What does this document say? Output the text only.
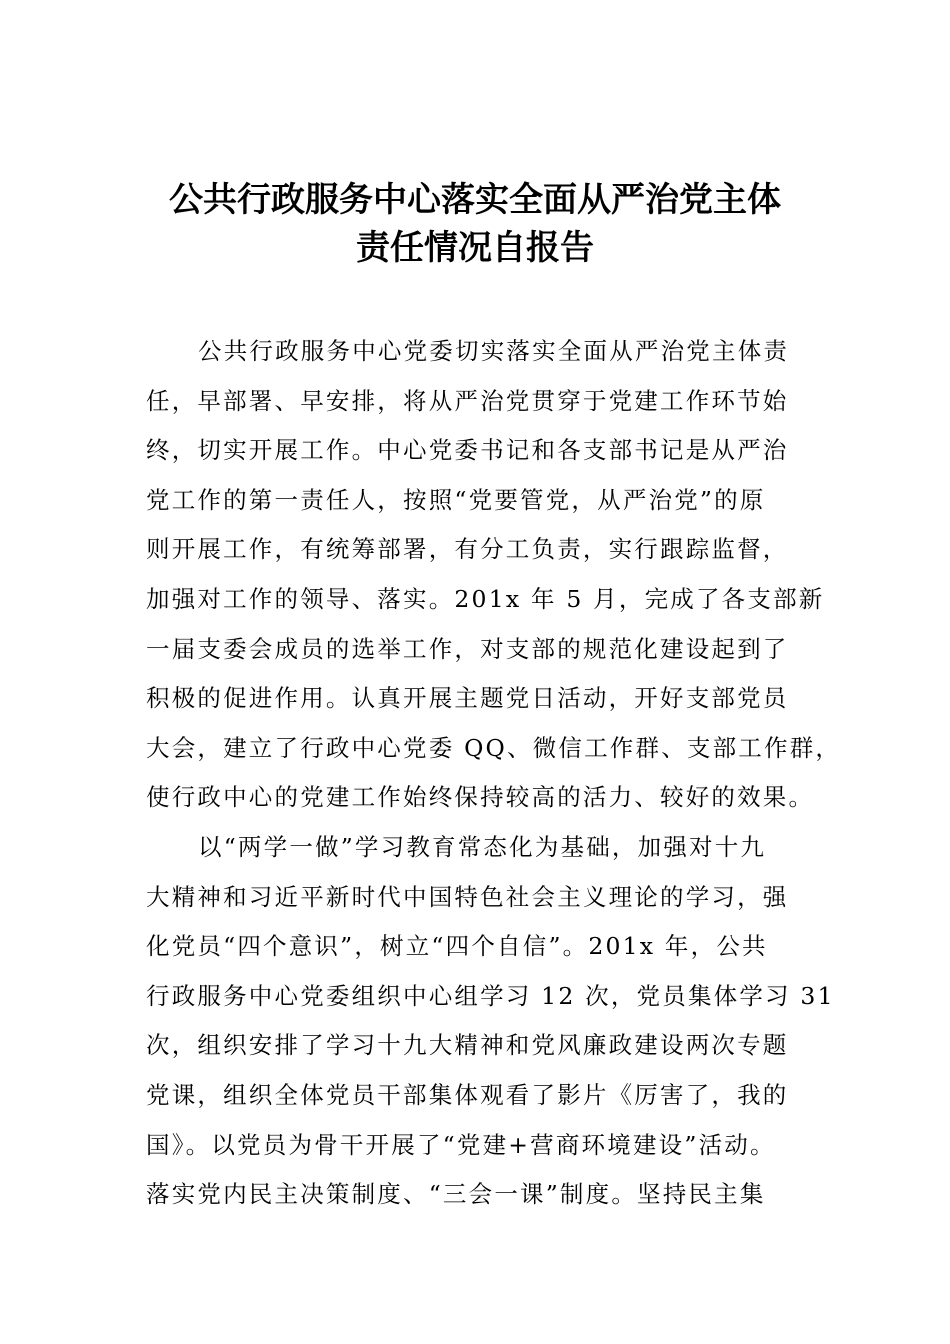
公共行政服务中心落实全面从严治党主体
责任情况自报告
公共行政服务中心党委切实落实全面从严治党主体责
任，早部署、早安排，将从严治党贯穿于党建工作环节始
终，切实开展工作。中心党委书记和各支部书记是从严治
党工作的第一责任人，按照“党要管党，从严治党”的原
则开展工作，有统筹部署，有分工负责，实行跟踪监督，
加强对工作的领导、落实。201x 年 5 月，完成了各支部新
一届支委会成员的选举工作，对支部的规范化建设起到了
积极的促进作用。认真开展主题党日活动，开好支部党员
大会，建立了行政中心党委 QQ、微信工作群、支部工作群，
使行政中心的党建工作始终保持较高的活力、较好的效果。
以“两学一做”学习教育常态化为基础，加强对十九
大精神和习近平新时代中国特色社会主义理论的学习，强
化党员“四个意识”，树立“四个自信”。201x 年，公共
行政服务中心党委组织中心组学习 12 次，党员集体学习 31
次，组织安排了学习十九大精神和党风廉政建设两次专题
党课，组织全体党员干部集体观看了影片《厉害了，我的
国》。以党员为骨干开展了“党建+营商环境建设”活动。
落实党内民主决策制度、“三会一课”制度。坚持民主集
